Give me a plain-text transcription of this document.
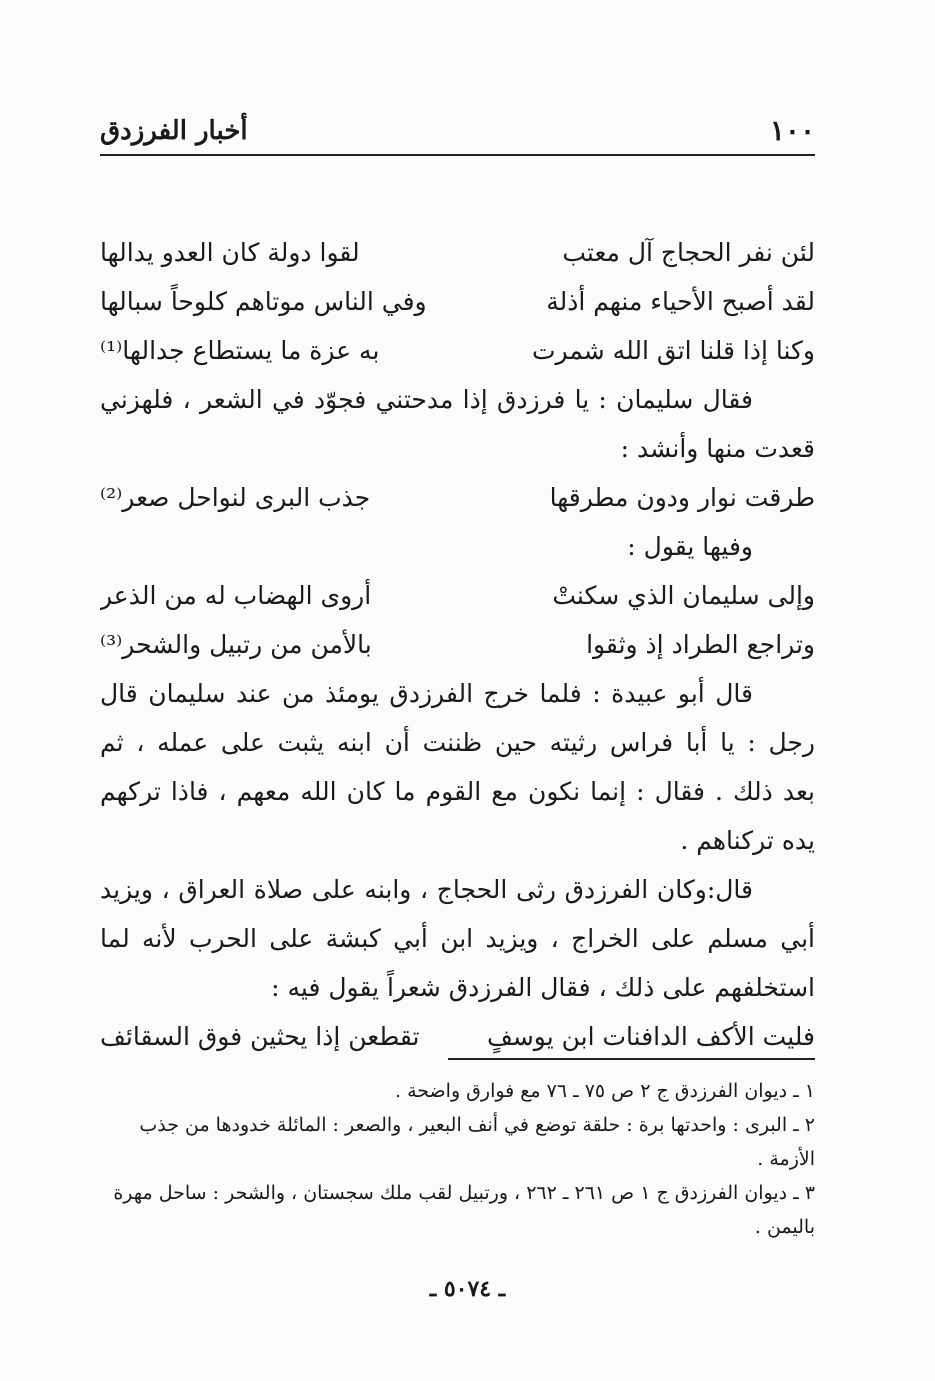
١٠٠
أخبار الفرزدق
لئن نفر الحجاج آل معتب
لقوا دولة كان العدو يدالها
لقد أصبح الأحياء منهم أذلة
وفي الناس موتاهم كلوحاً سبالها
وكنا إذا قلنا اتق الله شمرت
به عزة ما يستطاع جدالها⁽¹⁾
فقال سليمان : يا فرزدق إذا مدحتني فجوّد في الشعر ، فلهزني
قعدت منها وأنشد :
طرقت نوار ودون مطرقها
جذب البرى لنواحل صعر⁽²⁾
وفيها يقول :
وإلى سليمان الذي سكنتْ
أروى الهضاب له من الذعر
وتراجع الطراد إذ وثقوا
بالأمن من رتبيل والشحر⁽³⁾
قال أبو عبيدة : فلما خرج الفرزدق يومئذ من عند سليمان قال
رجل : يا أبا فراس رثيته حين ظننت أن ابنه يثبت على عمله ، ثم
بعد ذلك . فقال : إنما نكون مع القوم ما كان الله معهم ، فاذا تركهم
يده تركناهم .
قال:وكان الفرزدق رثى الحجاج ، وابنه على صلاة العراق ، ويزيد
أبي مسلم على الخراج ، ويزيد ابن أبي كبشة على الحرب لأنه لما
استخلفهم على ذلك ، فقال الفرزدق شعراً يقول فيه :
فليت الأكف الدافنات ابن يوسفٍ
تقطعن إذا يحثين فوق السقائف

١ ـ ديوان الفرزدق ج ٢ ص ٧٥ ـ ٧٦ مع فوارق واضحة .

٢ ـ البرى : واحدتها برة : حلقة توضع في أنف البعير ، والصعر : المائلة خدودها من جذب الأزمة .

٣ ـ ديوان الفرزدق ج ١ ص ٢٦١ ـ ٢٦٢ ، ورتبيل لقب ملك سجستان ، والشحر : ساحل مهرة باليمن .

ـ ٥٠٧٤ ـ
